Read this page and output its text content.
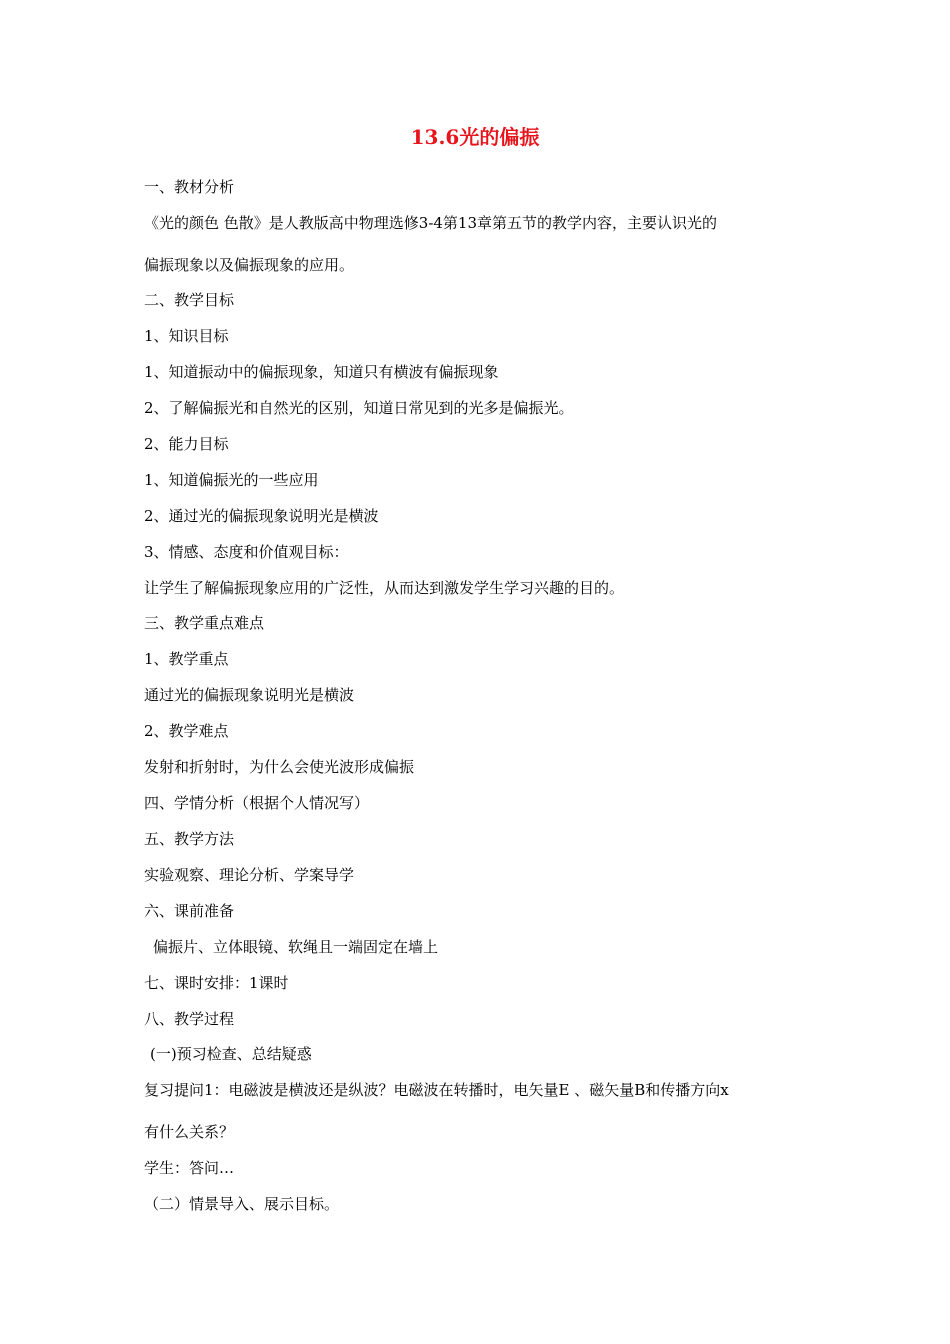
13.6光的偏振
一、教材分析
《光的颜色 色散》是人教版高中物理选修3-4第13章第五节的教学内容，主要认识光的
偏振现象以及偏振现象的应用。
二、教学目标
1、知识目标
1、知道振动中的偏振现象，知道只有横波有偏振现象
2、了解偏振光和自然光的区别，知道日常见到的光多是偏振光。
2、能力目标
1、知道偏振光的一些应用
2、通过光的偏振现象说明光是横波
3、情感、态度和价值观目标：
让学生了解偏振现象应用的广泛性，从而达到激发学生学习兴趣的目的。
三、教学重点难点
1、教学重点
通过光的偏振现象说明光是横波
2、教学难点
发射和折射时，为什么会使光波形成偏振
四、学情分析（根据个人情况写）
五、教学方法
实验观察、理论分析、学案导学
六、课前准备
偏振片、立体眼镜、软绳且一端固定在墙上
七、课时安排：1课时
八、教学过程
(一)预习检查、总结疑惑
复习提问1：电磁波是横波还是纵波？电磁波在转播时，电矢量E 、磁矢量B和传播方向x
有什么关系？
学生：答问…
（二）情景导入、展示目标。
